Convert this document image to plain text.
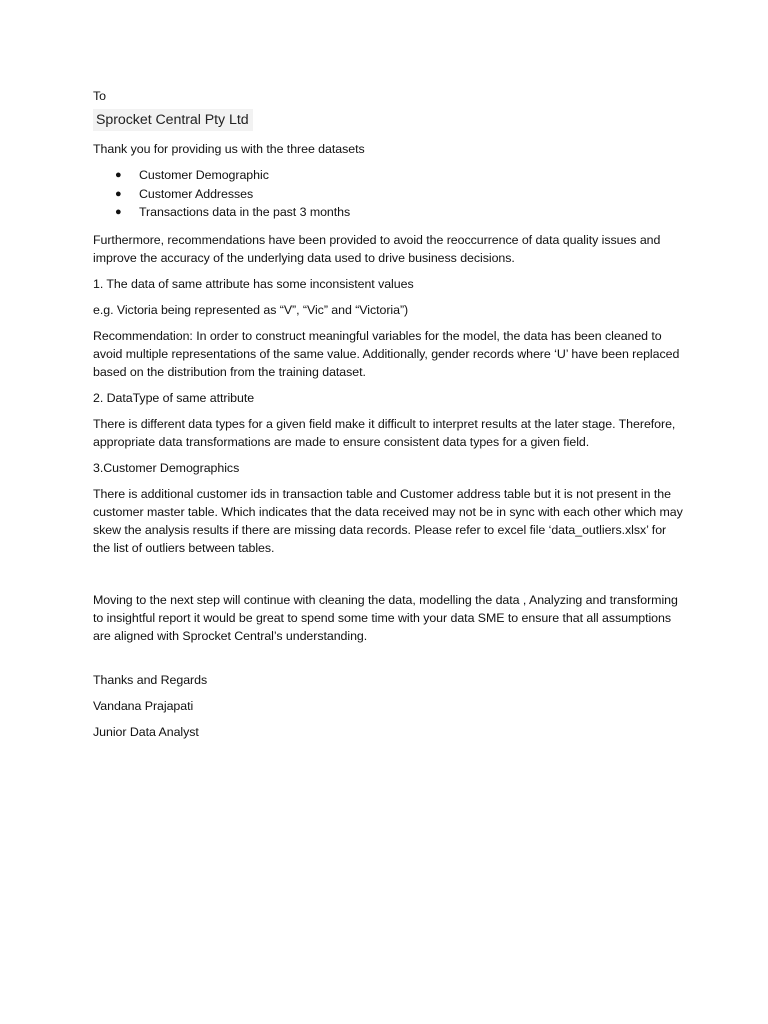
To

Sprocket Central Pty Ltd

Thank you for providing us with the three datasets

● Customer Demographic
● Customer Addresses
● Transactions data in the past 3 months

Furthermore, recommendations have been provided to avoid the reoccurrence of data quality issues and improve the accuracy of the underlying data used to drive business decisions.

1. The data of same attribute has some inconsistent values

e.g. Victoria being represented as “V”, “Vic” and “Victoria”)

Recommendation: In order to construct meaningful variables for the model, the data has been cleaned to avoid multiple representations of the same value. Additionally, gender records where ‘U’ have been replaced based on the distribution from the training dataset.

2. DataType of same attribute

There is different data types for a given field make it difficult to interpret results at the later stage. Therefore, appropriate data transformations are made to ensure consistent data types for a given field.

3.Customer Demographics

There is additional customer ids in transaction table and Customer address table but it is not present in the customer master table. Which indicates that the data received may not be in sync with each other which may skew the analysis results if there are missing data records. Please refer to excel file ‘data_outliers.xlsx’ for the list of outliers between tables.

Moving to the next step will continue with cleaning the data, modelling the data , Analyzing and transforming to insightful report it would be great to spend some time with your data SME to ensure that all assumptions are aligned with Sprocket Central’s understanding.

Thanks and Regards

Vandana Prajapati

Junior Data Analyst
